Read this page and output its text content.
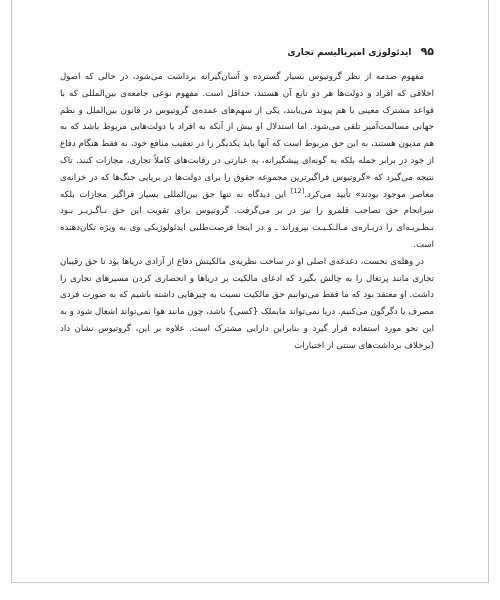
۹۵ ایدئولوژی امپریالیسم تجاری

مفهوم صدمه از نظر گروتیوس بسیار گسترده و آسان‌گیرانه برداشت می‌شود، در حالی که اصول اخلاقی که افراد و دولت‌ها هر دو تابع آن هستند، حداقل است. مفهوم نوعی جامعه‌ی بین‌المللی که با قواعد مشترک معینی با هم پیوند می‌یابند، یکی از سهم‌های عمده‌ی گروتیوس در قانون بین‌الملل و نظم جهانی مسالمت‌آمیز تلقی می‌شود. اما استدلال او بیش از آنکه به افراد یا دولت‌هایی مربوط باشد که به هم مدیون هستند، به این حق مربوط است که آنها باید یکدیگر را در تعقیب منافع خود، نه فقط هنگام دفاع از خود در برابر حمله بلکه به گونه‌ای پیشگیرانه، به عبارتی در رقابت‌های کاملاً تجاری، مجازات کنند. تاک نتیجه می‌گیرد که «گروتیوس فراگیرترین مجموعه حقوق را برای دولت‌ها در برپایی جنگ‌ها که در خزانه‌ی معاصر موجود بودند» تأیید می‌کرد.[12] این دیدگاه نه تنها حق بین‌المللی بسیار فراگیر مجازات بلکه سرانجام حق تصاحب قلمرو را نیز در بر می‌گرفت. گروتیوس برای تقویت این حق نـاگـزیـر بـود نـظـریـه‌ای را دربـاره‌ی مـالـکـیـت بپروراند ـ و در اینجا فرصت‌طلبی ایدئولوژیکی وی به ویژه تکان‌دهنده است.

در وهله‌ی نخست، دغدغه‌ی اصلی او در ساخت نظریه‌ی مالکیتش دفاع از آزادی دریاها بود تا حق رقیبان تجاری مانند پرتغال را به چالش بگیرد که ادعای مالکیت بر دریاها و انحصاری کردن مسیرهای تجاری را داشت. او معتقد بود که ما فقط می‌توانیم حق مالکیت نسبت به چیزهایی داشته باشیم که به صورت فردی مصرف یا دگرگون می‌کنیم. دریا نمی‌تواند مایملک {کسی} باشد، چون مانند هوا نمی‌تواند اشغال شود و به این نحو مورد استفاده قرار گیرد و بنابراین دارایی مشترک است. علاوه بر این، گروتیوس نشان داد (برخلاف برداشت‌های سنتی از اختیارات
